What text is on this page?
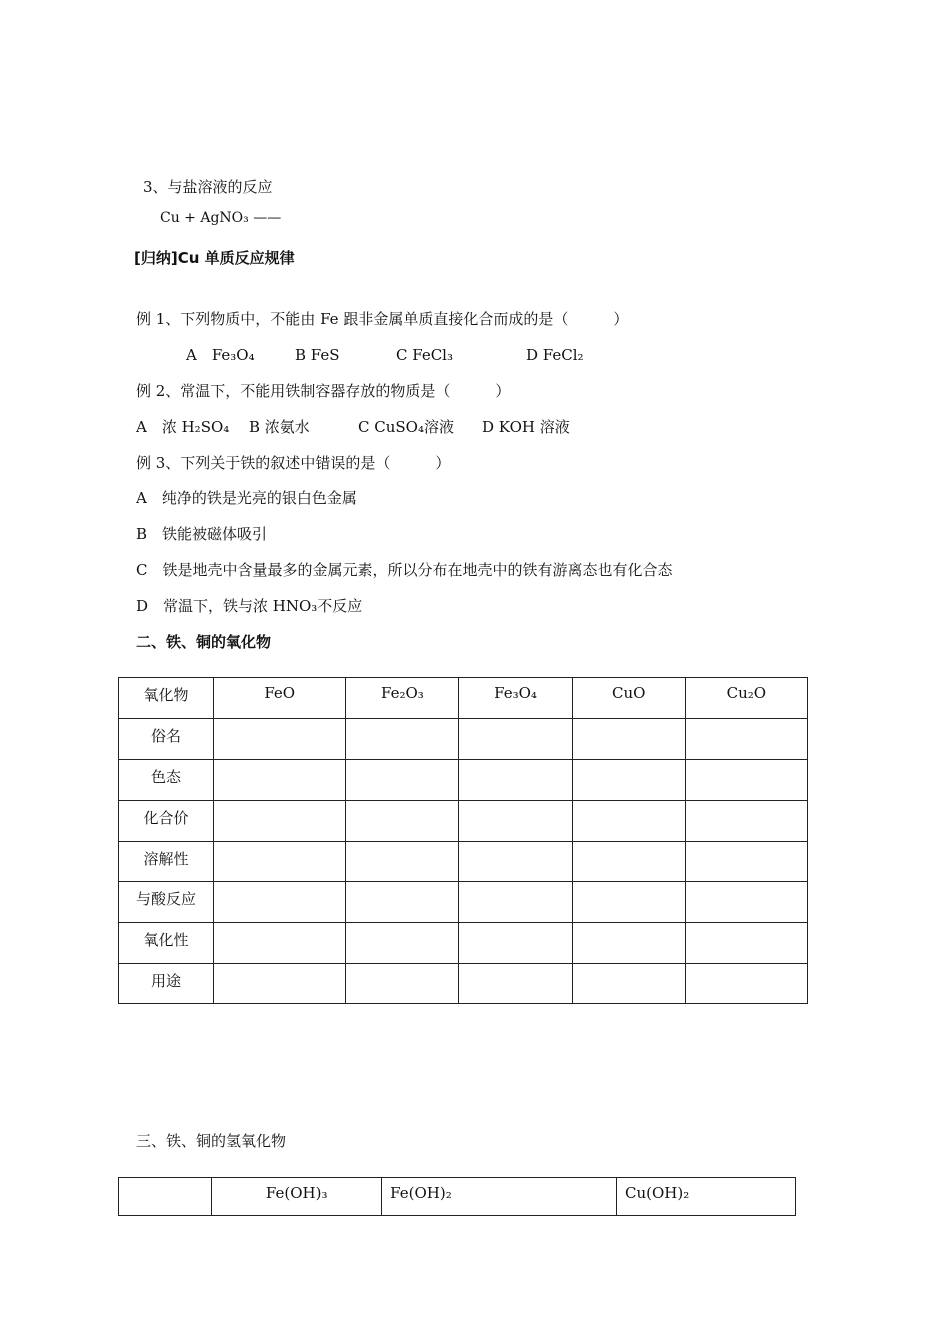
3、与盐溶液的反应
Cu + AgNO₃ ——
[归纳]Cu 单质反应规律
例 1、下列物质中，不能由 Fe 跟非金属单质直接化合而成的是（　　　）
A　Fe₃O₄	B FeS	C FeCl₃	D FeCl₂
例 2、常温下，不能用铁制容器存放的物质是（　　　）
A　浓 H₂SO₄ B 浓氨水	C CuSO₄溶液 D KOH 溶液
例 3、下列关于铁的叙述中错误的是（　　　）
A　纯净的铁是光亮的银白色金属
B　铁能被磁体吸引
C　铁是地壳中含量最多的金属元素，所以分布在地壳中的铁有游离态也有化合态
D　常温下，铁与浓 HNO₃不反应
二、铁、铜的氧化物
氧化物	FeO	Fe₂O₃	Fe₃O₄	CuO	Cu₂O
俗名					
色态					
化合价					
溶解性					
与酸反应					
氧化性					
用途					
三、铁、铜的氢氧化物
	Fe(OH)₃	Fe(OH)₂	Cu(OH)₂
